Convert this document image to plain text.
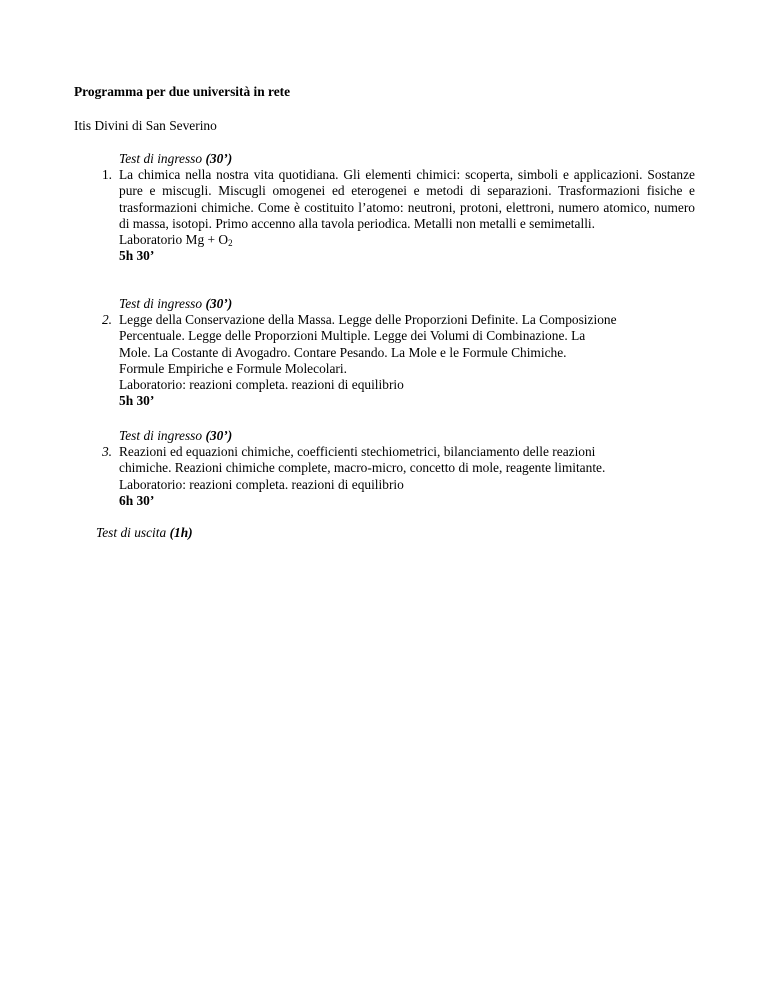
Programma per due università in rete
Itis Divini di San Severino
Test di ingresso (30’)
1. La chimica nella nostra vita quotidiana. Gli elementi chimici: scoperta, simboli e applicazioni. Sostanze pure e miscugli. Miscugli omogenei ed eterogenei e metodi di separazioni. Trasformazioni fisiche e trasformazioni chimiche. Come è costituito l’atomo: neutroni, protoni, elettroni, numero atomico, numero di massa, isotopi. Primo accenno alla tavola periodica. Metalli non metalli e semimetalli.
Laboratorio $Mg + O_2$
5h 30’
Test di ingresso (30’)
2. Legge della Conservazione della Massa. Legge delle Proporzioni Definite. La Composizione
Percentuale. Legge delle Proporzioni Multiple. Legge dei Volumi di Combinazione. La
Mole. La Costante di Avogadro. Contare Pesando. La Mole e le Formule Chimiche.
Formule Empiriche e Formule Molecolari.
Laboratorio: reazioni completa. reazioni di equilibrio
5h 30’
Test di ingresso (30’)
3. Reazioni ed equazioni chimiche, coefficienti stechiometrici, bilanciamento delle reazioni
chimiche. Reazioni chimiche complete, macro-micro, concetto di mole, reagente limitante.
Laboratorio: reazioni completa. reazioni di equilibrio
6h 30’
Test di uscita (1h)
